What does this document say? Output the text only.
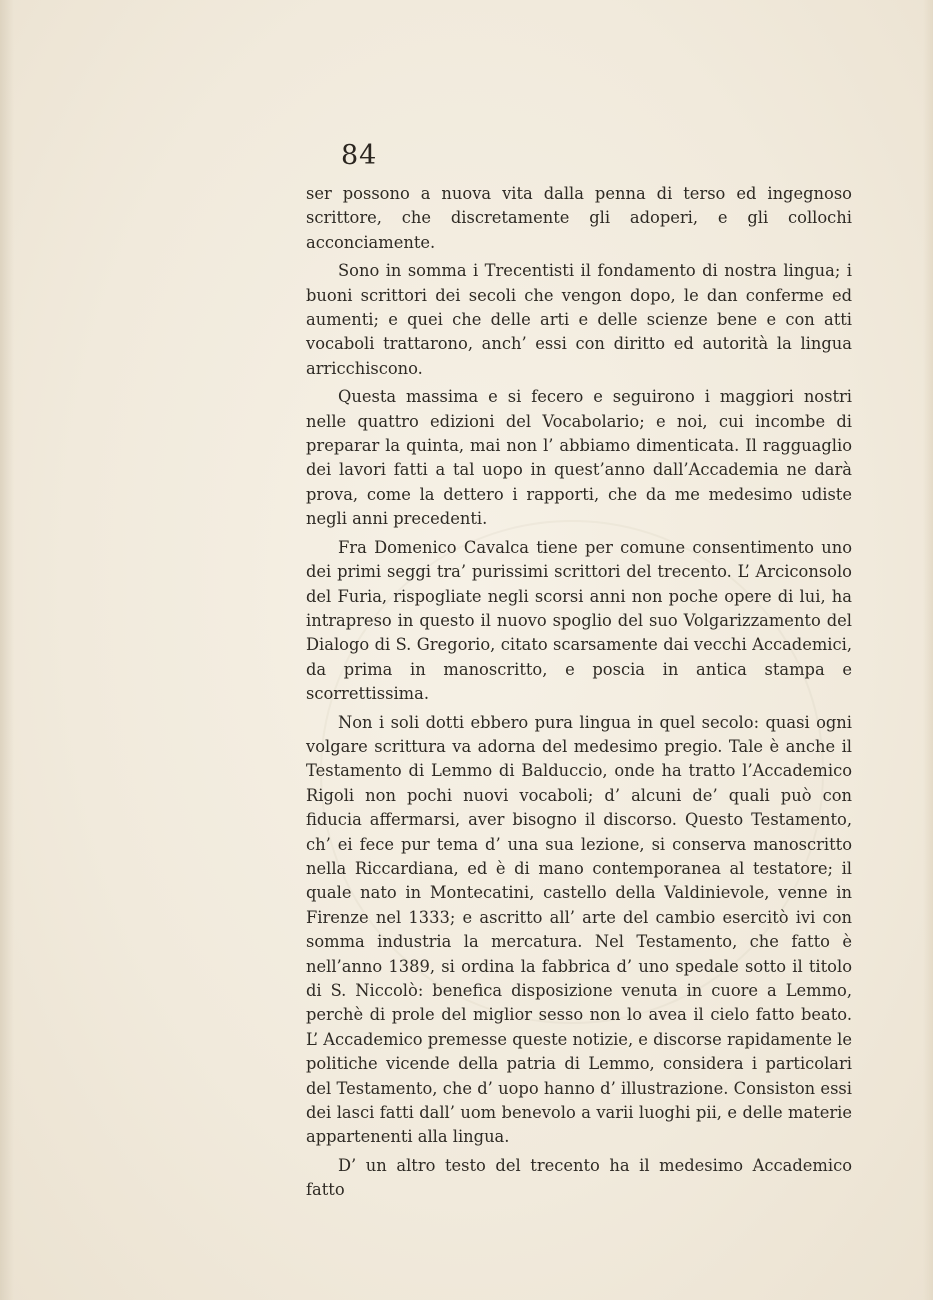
84

ser possono a nuova vita dalla penna di terso ed ingegnoso scrittore, che discretamente gli adoperi, e gli collochi acconciamente.

Sono in somma i Trecentisti il fondamento di nostra lingua; i buoni scrittori dei secoli che vengon dopo, le dan conferme ed aumenti; e quei che delle arti e delle scienze bene e con atti vocaboli trattarono, anch’ essi con diritto ed autorità la lingua arricchiscono.

Questa massima e si fecero e seguirono i maggiori nostri nelle quattro edizioni del Vocabolario; e noi, cui incombe di preparar la quinta, mai non l’ abbiamo dimenticata. Il ragguaglio dei lavori fatti a tal uopo in quest’anno dall’Accademia ne darà prova, come la dettero i rapporti, che da me medesimo udiste negli anni precedenti.

Fra Domenico Cavalca tiene per comune consentimento uno dei primi seggi tra’ purissimi scrittori del trecento. L’ Arciconsolo del Furia, rispogliate negli scorsi anni non poche opere di lui, ha intrapreso in questo il nuovo spoglio del suo Volgarizzamento del Dialogo di S. Gregorio, citato scarsamente dai vecchi Accademici, da prima in manoscritto, e poscia in antica stampa e scorrettissima.

Non i soli dotti ebbero pura lingua in quel secolo: quasi ogni volgare scrittura va adorna del medesimo pregio. Tale è anche il Testamento di Lemmo di Balduccio, onde ha tratto l’Accademico Rigoli non pochi nuovi vocaboli; d’ alcuni de’ quali può con fiducia affermarsi, aver bisogno il discorso. Questo Testamento, ch’ ei fece pur tema d’ una sua lezione, si conserva manoscritto nella Riccardiana, ed è di mano contemporanea al testatore; il quale nato in Montecatini, castello della Valdinievole, venne in Firenze nel 1333; e ascritto all’ arte del cambio esercitò ivi con somma industria la mercatura. Nel Testamento, che fatto è nell’anno 1389, si ordina la fabbrica d’ uno spedale sotto il titolo di S. Niccolò: benefica disposizione venuta in cuore a Lemmo, perchè di prole del miglior sesso non lo avea il cielo fatto beato. L’ Accademico premesse queste notizie, e discorse rapidamente le politiche vicende della patria di Lemmo, considera i particolari del Testamento, che d’ uopo hanno d’ illustrazione. Consiston essi dei lasci fatti dall’ uom benevolo a varii luoghi pii, e delle materie appartenenti alla lingua.

D’ un altro testo del trecento ha il medesimo Accademico fatto
